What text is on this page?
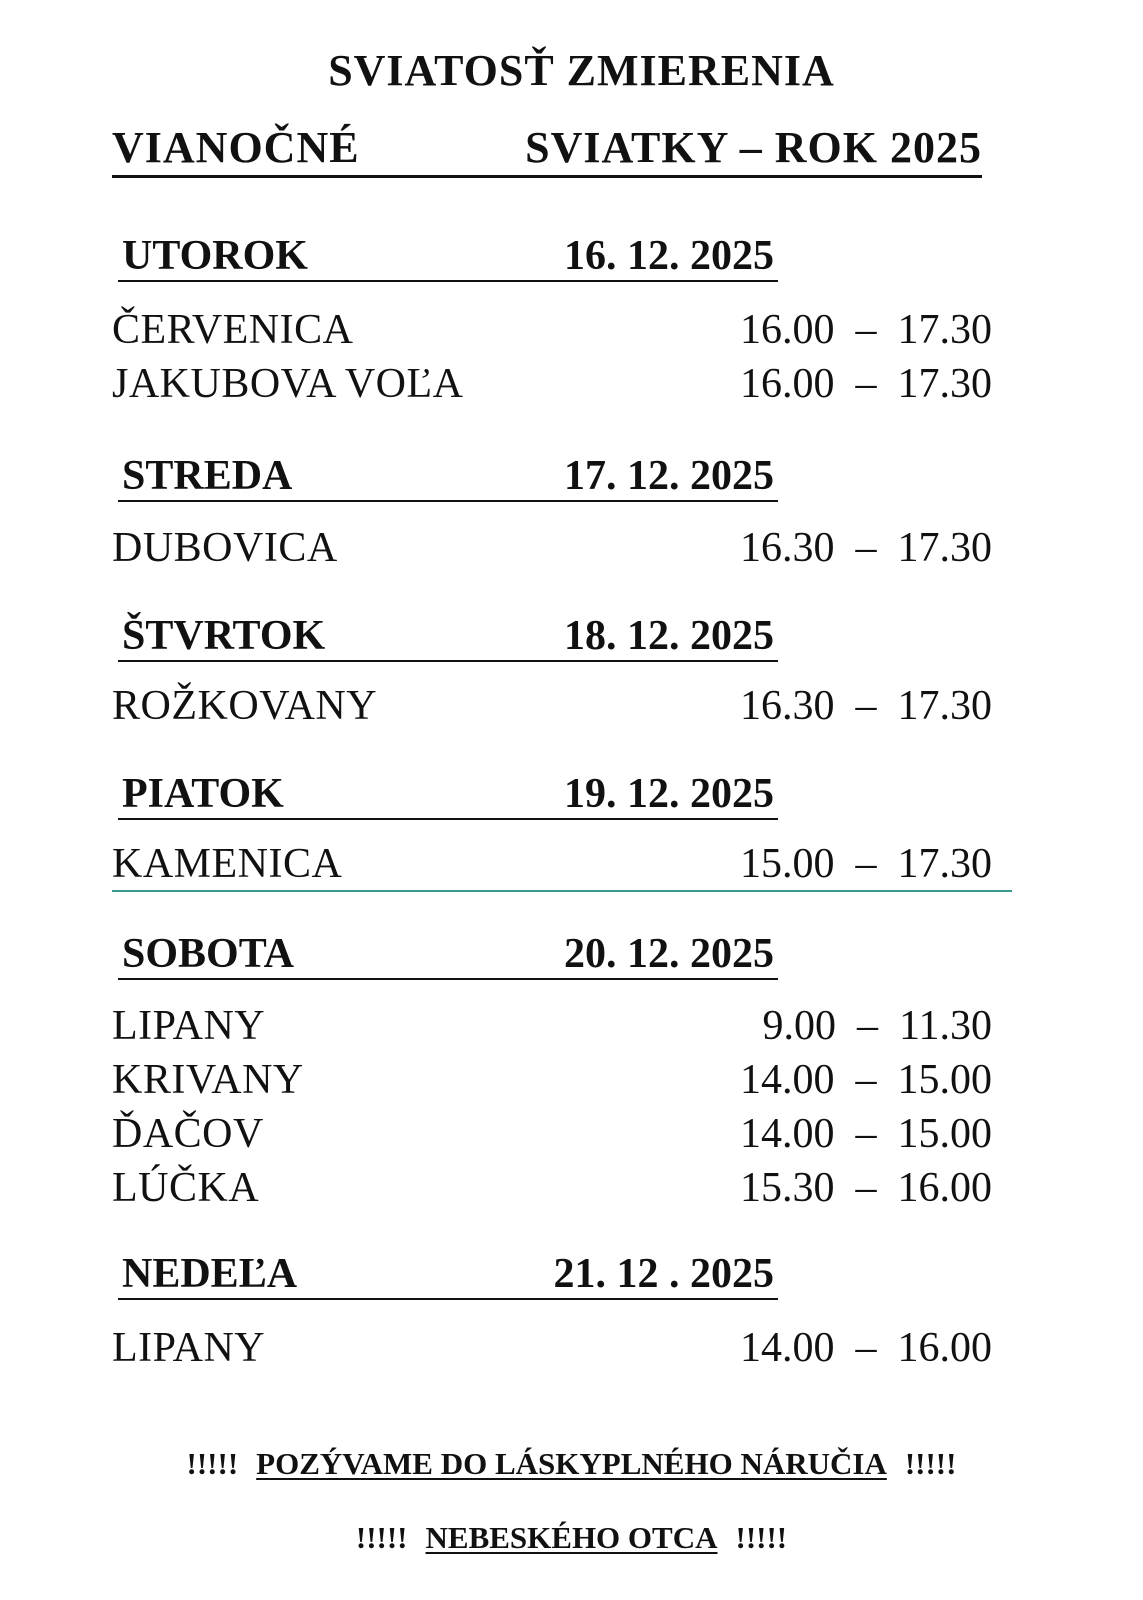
SVIATOSŤ ZMIERENIA
VIANOČNÉ	SVIATKY – ROK 2025
UTOROK	16. 12. 2025
ČERVENICA	16.00  –  17.30
JAKUBOVA VOĽA	16.00  –  17.30
STREDA	17. 12. 2025
DUBOVICA	16.30  –  17.30
ŠTVRTOK	18. 12. 2025
ROŽKOVANY	16.30  –  17.30
PIATOK	19. 12. 2025
KAMENICA	15.00  –  17.30
SOBOTA	20. 12. 2025
LIPANY	9.00  –  11.30
KRIVANY	14.00  –  15.00
ĎAČOV	14.00  –  15.00
LÚČKA	15.30  –  16.00
NEDEĽA	21. 12 . 2025
LIPANY	14.00  –  16.00
!!!!! POZÝVAME DO LÁSKYPLNÉHO NÁRUČIA !!!!!
!!!!! NEBESKÉHO OTCA !!!!!
